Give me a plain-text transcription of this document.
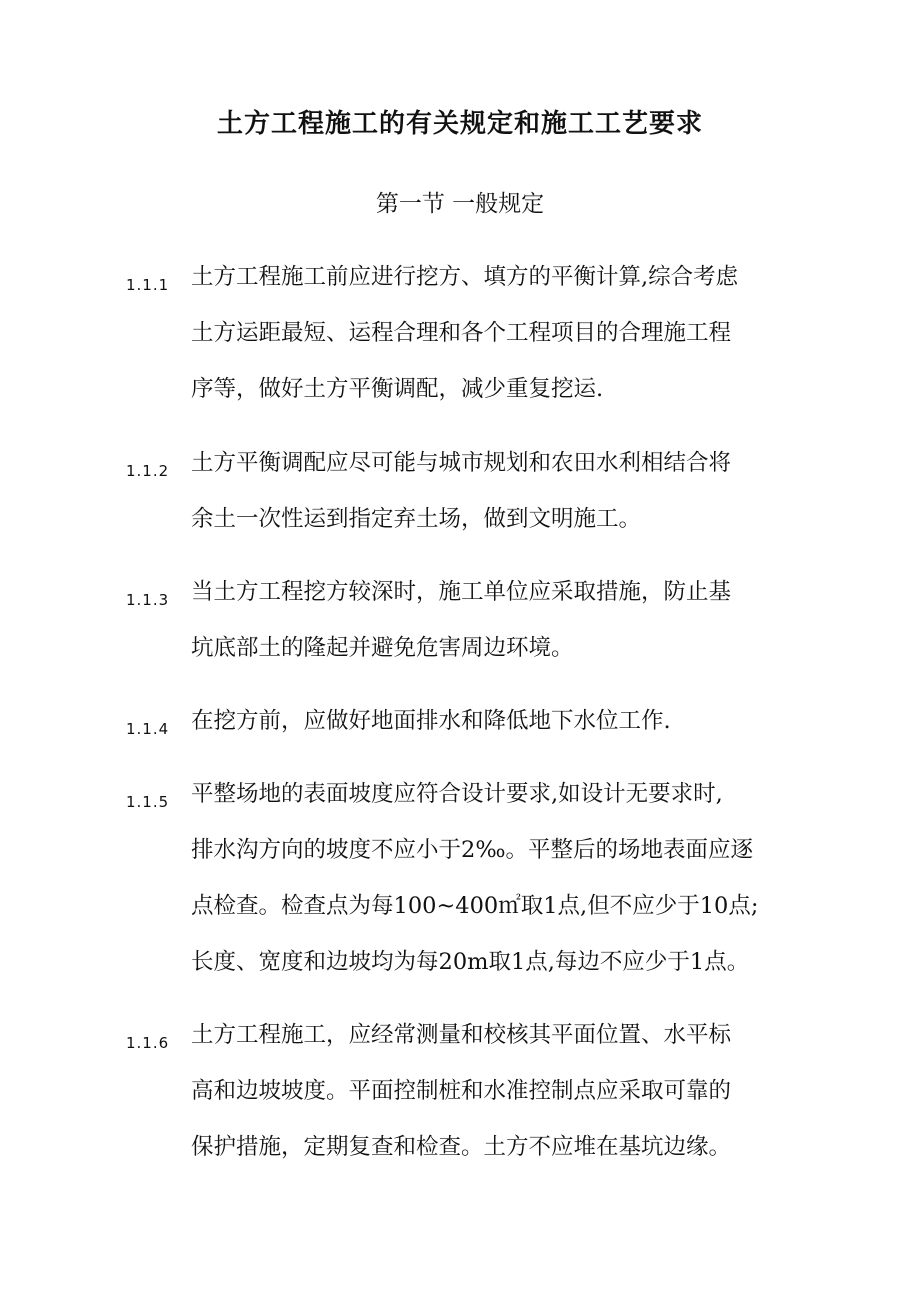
土方工程施工的有关规定和施工工艺要求
第一节 一般规定
1.1.1 土方工程施工前应进行挖方、填方的平衡计算,综合考虑
土方运距最短、运程合理和各个工程项目的合理施工程
序等，做好土方平衡调配，减少重复挖运.
1.1.2 土方平衡调配应尽可能与城市规划和农田水利相结合将
余土一次性运到指定弃土场，做到文明施工。
1.1.3 当土方工程挖方较深时，施工单位应采取措施，防止基
坑底部土的隆起并避免危害周边环境。
1.1.4 在挖方前，应做好地面排水和降低地下水位工作.
1.1.5 平整场地的表面坡度应符合设计要求,如设计无要求时,
排水沟方向的坡度不应小于2‰。平整后的场地表面应逐
点检查。检查点为每100~400㎡取1点,但不应少于10点;
长度、宽度和边坡均为每20m取1点,每边不应少于1点。
1.1.6 土方工程施工，应经常测量和校核其平面位置、水平标
高和边坡坡度。平面控制桩和水准控制点应采取可靠的
保护措施，定期复查和检查。土方不应堆在基坑边缘。
